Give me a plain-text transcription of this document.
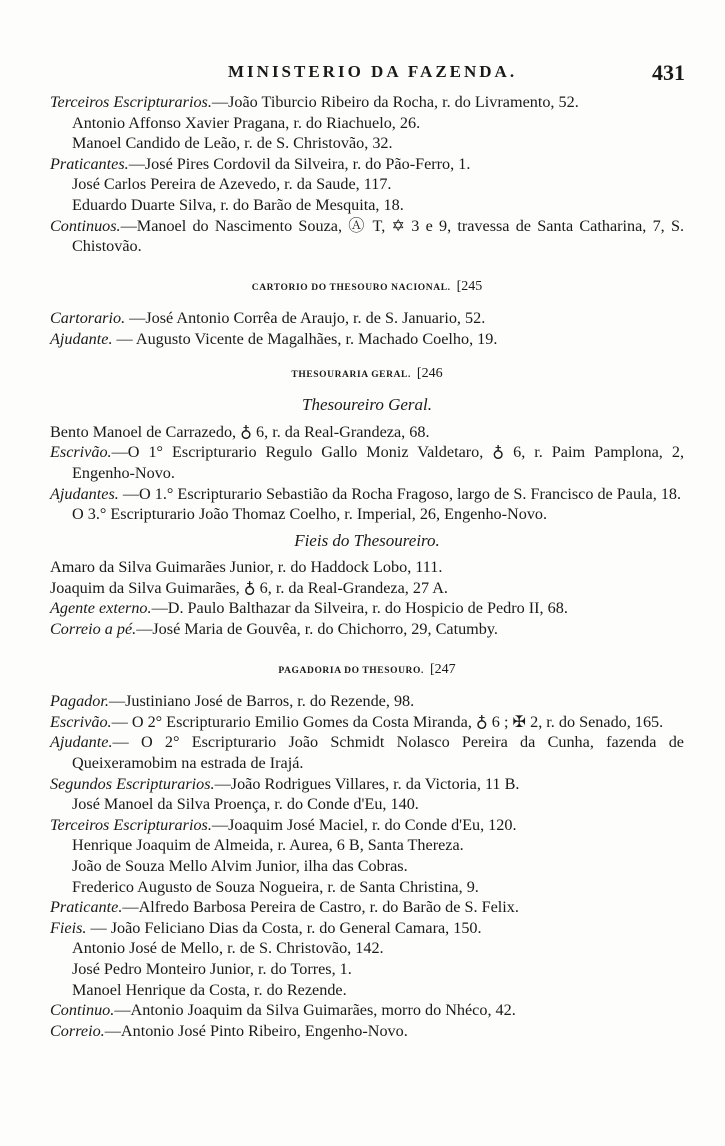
MINISTERIO DA FAZENDA.	431
Terceiros Escripturarios.—João Tiburcio Ribeiro da Rocha, r. do Livramento, 52.
Antonio Affonso Xavier Pragana, r. do Riachuelo, 26.
Manoel Candido de Leão, r. de S. Christovão, 32.
Praticantes.—José Pires Cordovil da Silveira, r. do Pão-Ferro, 1.
José Carlos Pereira de Azevedo, r. da Saude, 117.
Eduardo Duarte Silva, r. do Barão de Mesquita, 18.
Continuos.—Manoel do Nascimento Souza, Ⓐ T, ✡ 3 e 9, travessa de Santa Catharina, 7, S. Chistovão.
CARTORIO DO THESOURO NACIONAL. [245
Cartorario. —José Antonio Corrêa de Araujo, r. de S. Januario, 52.
Ajudante. — Augusto Vicente de Magalhães, r. Machado Coelho, 19.
THESOURARIA GERAL. [246
Thesoureiro Geral.
Bento Manoel de Carrazedo, ♁ 6, r. da Real-Grandeza, 68.
Escrivão.—O 1° Escripturario Regulo Gallo Moniz Valdetaro, ♁ 6, r. Paim Pamplona, 2, Engenho-Novo.
Ajudantes. —O 1.° Escripturario Sebastião da Rocha Fragoso, largo de S. Francisco de Paula, 18.
O 3.° Escripturario João Thomaz Coelho, r. Imperial, 26, Engenho-Novo.
Fieis do Thesoureiro.
Amaro da Silva Guimarães Junior, r. do Haddock Lobo, 111.
Joaquim da Silva Guimarães, ♁ 6, r. da Real-Grandeza, 27 A.
Agente externo.—D. Paulo Balthazar da Silveira, r. do Hospicio de Pedro II, 68.
Correio a pé.—José Maria de Gouvêa, r. do Chichorro, 29, Catumby.
PAGADORIA DO THESOURO. [247
Pagador.—Justiniano José de Barros, r. do Rezende, 98.
Escrivão.— O 2° Escripturario Emilio Gomes da Costa Miranda, ♁ 6 ; ✠ 2, r. do Senado, 165.
Ajudante.— O 2° Escripturario João Schmidt Nolasco Pereira da Cunha, fazenda de Queixeramobim na estrada de Irajá.
Segundos Escripturarios.—João Rodrigues Villares, r. da Victoria, 11 B.
José Manoel da Silva Proença, r. do Conde d'Eu, 140.
Terceiros Escripturarios.—Joaquim José Maciel, r. do Conde d'Eu, 120.
Henrique Joaquim de Almeida, r. Aurea, 6 B, Santa Thereza.
João de Souza Mello Alvim Junior, ilha das Cobras.
Frederico Augusto de Souza Nogueira, r. de Santa Christina, 9.
Praticante.—Alfredo Barbosa Pereira de Castro, r. do Barão de S. Felix.
Fieis. — João Feliciano Dias da Costa, r. do General Camara, 150.
Antonio José de Mello, r. de S. Christovão, 142.
José Pedro Monteiro Junior, r. do Torres, 1.
Manoel Henrique da Costa, r. do Rezende.
Continuo.—Antonio Joaquim da Silva Guimarães, morro do Nhéco, 42.
Correio.—Antonio José Pinto Ribeiro, Engenho-Novo.
